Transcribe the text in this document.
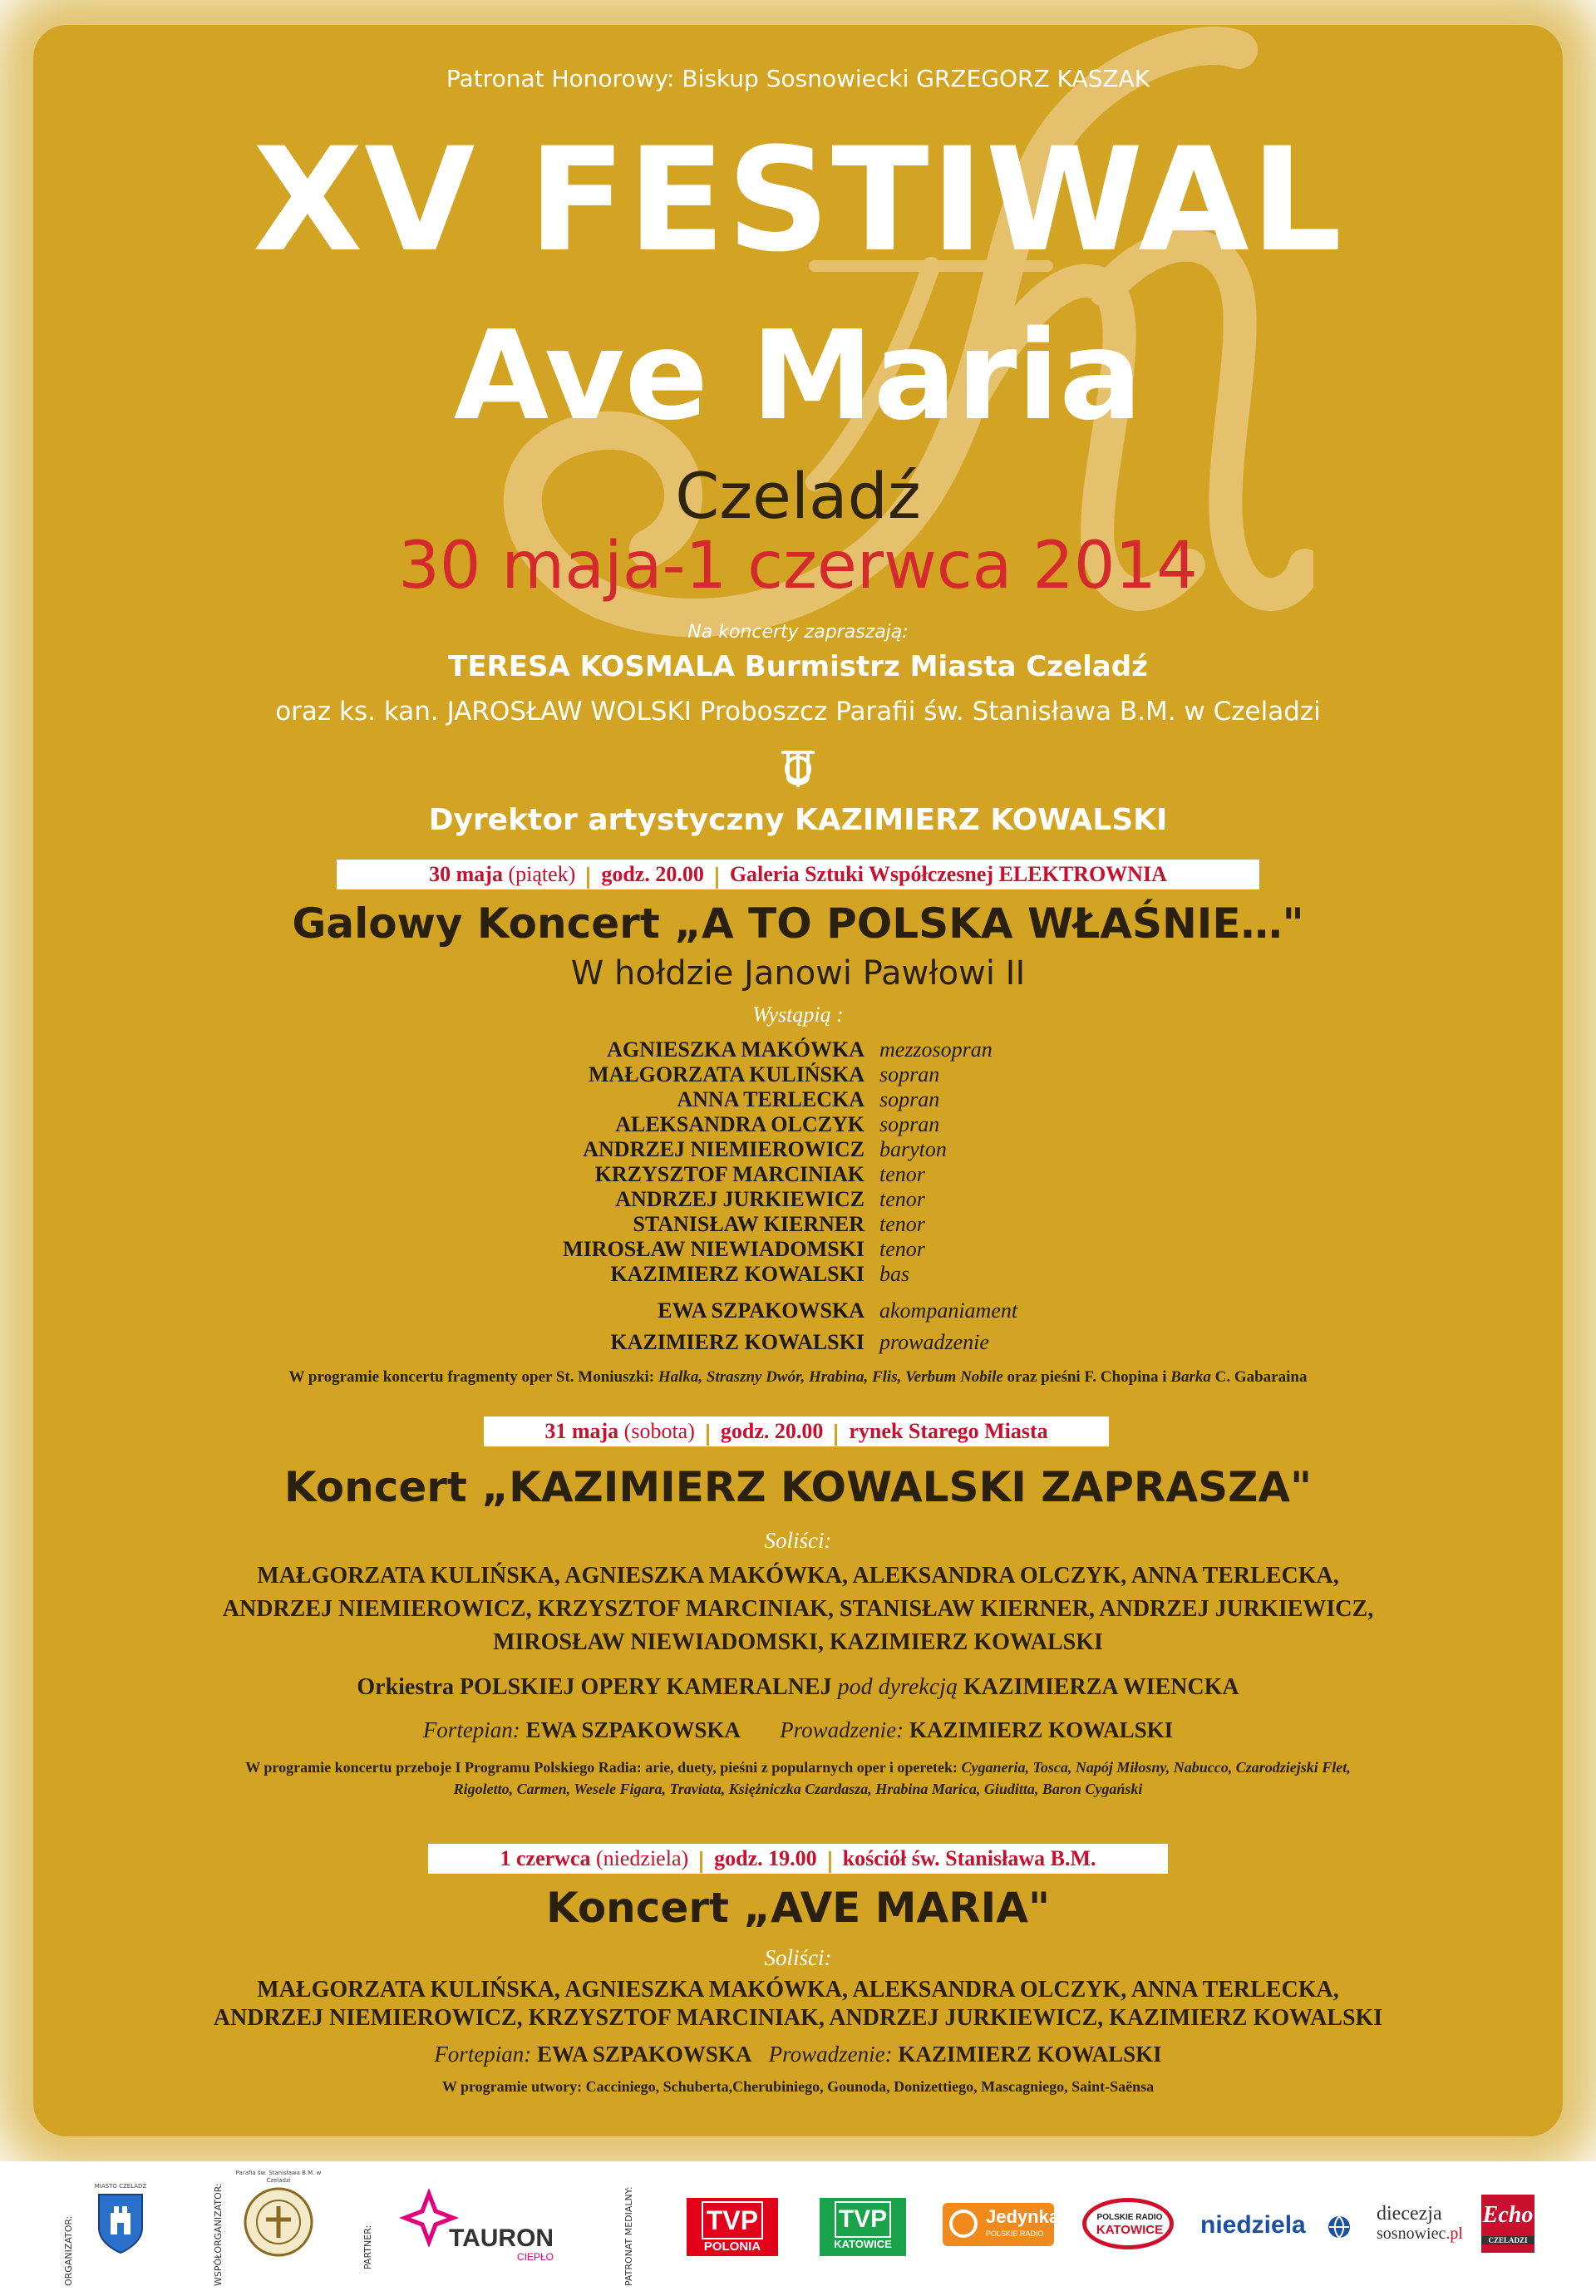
Patronat Honorowy: Biskup Sosnowiecki GRZEGORZ KASZAK
XV FESTIWAL
Ave Maria
Czeladź
30 maja-1 czerwca 2014
Na koncerty zapraszają:
TERESA KOSMALA Burmistrz Miasta Czeladź
oraz ks. kan. JAROSŁAW WOLSKI Proboszcz Parafii św. Stanisława B.M. w Czeladzi
Dyrektor artystyczny KAZIMIERZ KOWALSKI
30 maja (piątek) godz. 20.00 Galeria Sztuki Współczesnej ELEKTROWNIA
Galowy Koncert „A TO POLSKA WŁAŚNIE…"
W hołdzie Janowi Pawłowi II
Wystąpią :
AGNIESZKA MAKÓWKA mezzosopran
MAŁGORZATA KULIŃSKA sopran
ANNA TERLECKA sopran
ALEKSANDRA OLCZYK sopran
ANDRZEJ NIEMIEROWICZ baryton
KRZYSZTOF MARCINIAK tenor
ANDRZEJ JURKIEWICZ tenor
STANISŁAW KIERNER tenor
MIROSŁAW NIEWIADOMSKI tenor
KAZIMIERZ KOWALSKI bas
EWA SZPAKOWSKA akompaniament
KAZIMIERZ KOWALSKI prowadzenie
W programie koncertu fragmenty oper St. Moniuszki: Halka, Straszny Dwór, Hrabina, Flis, Verbum Nobile oraz pieśni F. Chopina i Barka C. Gabaraina
31 maja (sobota) godz. 20.00 rynek Starego Miasta
Koncert „KAZIMIERZ KOWALSKI ZAPRASZA"
Soliści:
MAŁGORZATA KULIŃSKA, AGNIESZKA MAKÓWKA, ALEKSANDRA OLCZYK, ANNA TERLECKA,
ANDRZEJ NIEMIEROWICZ, KRZYSZTOF MARCINIAK, STANISŁAW KIERNER, ANDRZEJ JURKIEWICZ,
MIROSŁAW NIEWIADOMSKI, KAZIMIERZ KOWALSKI
Orkiestra POLSKIEJ OPERY KAMERALNEJ pod dyrekcją KAZIMIERZA WIENCKA
Fortepian: EWA SZPAKOWSKA Prowadzenie: KAZIMIERZ KOWALSKI
W programie koncertu przeboje I Programu Polskiego Radia: arie, duety, pieśni z popularnych oper i operetek: Cyganeria, Tosca, Napój Miłosny, Nabucco, Czarodziejski Flet,
Rigoletto, Carmen, Wesele Figara, Traviata, Księżniczka Czardasza, Hrabina Marica, Giuditta, Baron Cygański
1 czerwca (niedziela) godz. 19.00 kościół św. Stanisława B.M.
Koncert „AVE MARIA"
Soliści:
MAŁGORZATA KULIŃSKA, AGNIESZKA MAKÓWKA, ALEKSANDRA OLCZYK, ANNA TERLECKA,
ANDRZEJ NIEMIEROWICZ, KRZYSZTOF MARCINIAK, ANDRZEJ JURKIEWICZ, KAZIMIERZ KOWALSKI
Fortepian: EWA SZPAKOWSKA Prowadzenie: KAZIMIERZ KOWALSKI
W programie utwory: Cacciniego, Schuberta,Cherubiniego, Gounoda, Donizettiego, Mascagniego, Saint-Saënsa
ORGANIZATOR:
MIASTO CZELADŹ	WSPÓŁORGANIZATOR:
Parafia św. Stanisława B.M. w Czeladzi
PARTNER:	TAURON
CIEPŁO	PATRONAT MEDIALNY:	TVP
POLONIA
TVP
KATOWICE
Jedynka
POLSKIE RADIO
POLSKIE RADIO
KATOWICE	niedziela	diecezja
sosnowiec.pl
Echo
CZELADZI
